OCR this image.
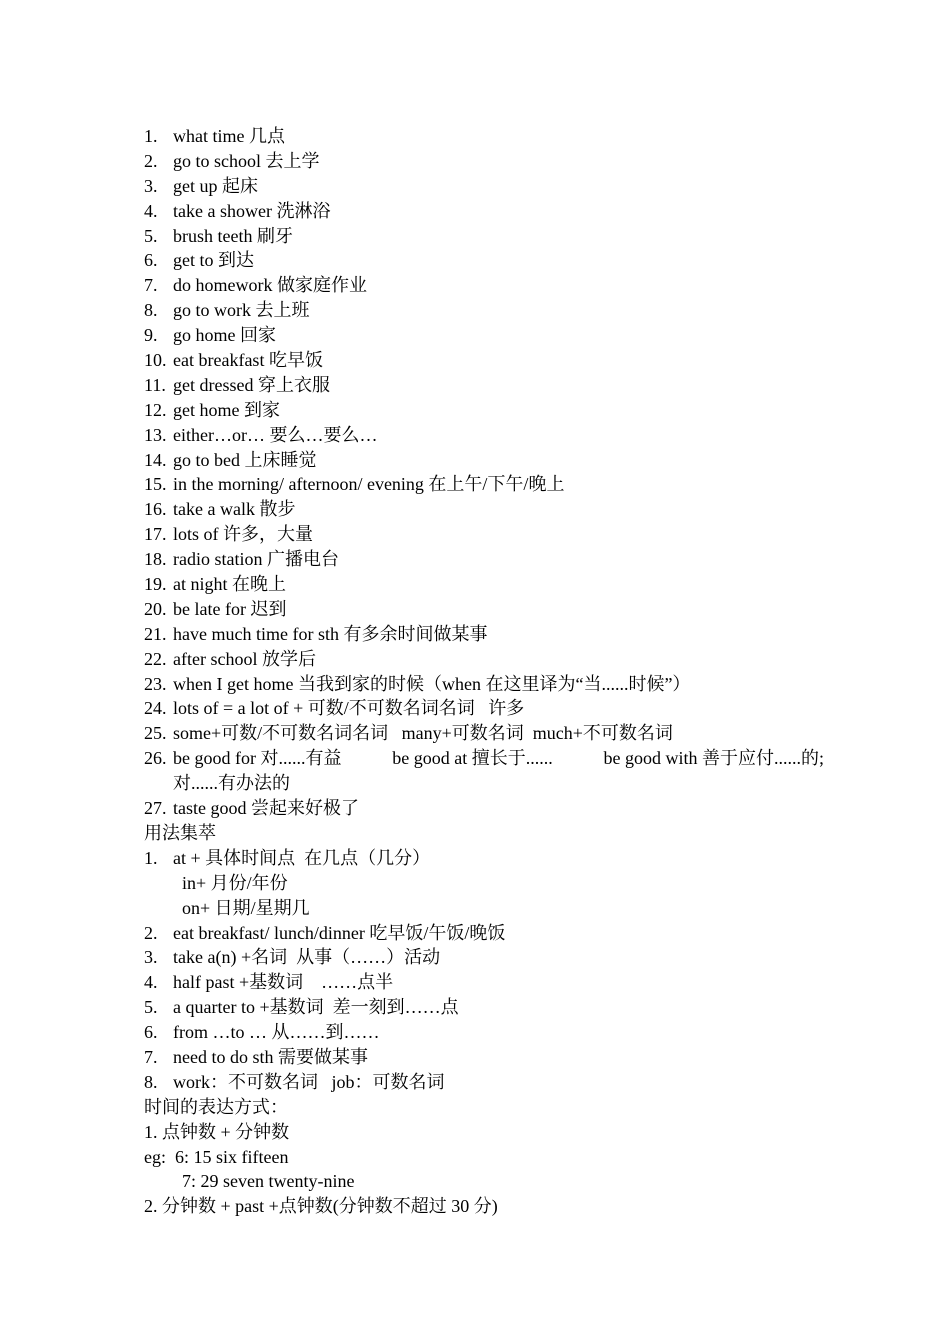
1. what time 几点
2. go to school 去上学
3. get up 起床
4. take a shower 洗淋浴
5. brush teeth 刷牙
6. get to 到达
7. do homework 做家庭作业
8. go to work 去上班
9. go home 回家
10. eat breakfast 吃早饭
11. get dressed 穿上衣服
12. get home 到家
13. either…or… 要么…要么…
14. go to bed 上床睡觉
15. in the morning/ afternoon/ evening 在上午/下午/晚上
16. take a walk 散步
17. lots of 许多，大量
18. radio station 广播电台
19. at night 在晚上
20. be late for 迟到
21. have much time for sth 有多余时间做某事
22. after school 放学后
23. when I get home 当我到家的时候（when 在这里译为“当......时候”）
24. lots of = a lot of + 可数/不可数名词名词   许多
25. some+可数/不可数名词名词   many+可数名词  much+不可数名词
26. be good for 对......有益	be good at 擅长于......	be good with 善于应付......的;
对......有办法的
27. taste good 尝起来好极了
用法集萃
1. at + 具体时间点  在几点（几分）
in+ 月份/年份
on+ 日期/星期几
2. eat breakfast/ lunch/dinner 吃早饭/午饭/晚饭
3. take a(n) +名词  从事（……）活动
4. half past +基数词    ……点半
5. a quarter to +基数词  差一刻到……点
6. from …to … 从……到……
7. need to do sth 需要做某事
8. work：不可数名词   job：可数名词
时间的表达方式：
1. 点钟数 + 分钟数
eg:  6: 15 six fifteen
7: 29 seven twenty-nine
2. 分钟数 + past +点钟数(分钟数不超过 30 分)
